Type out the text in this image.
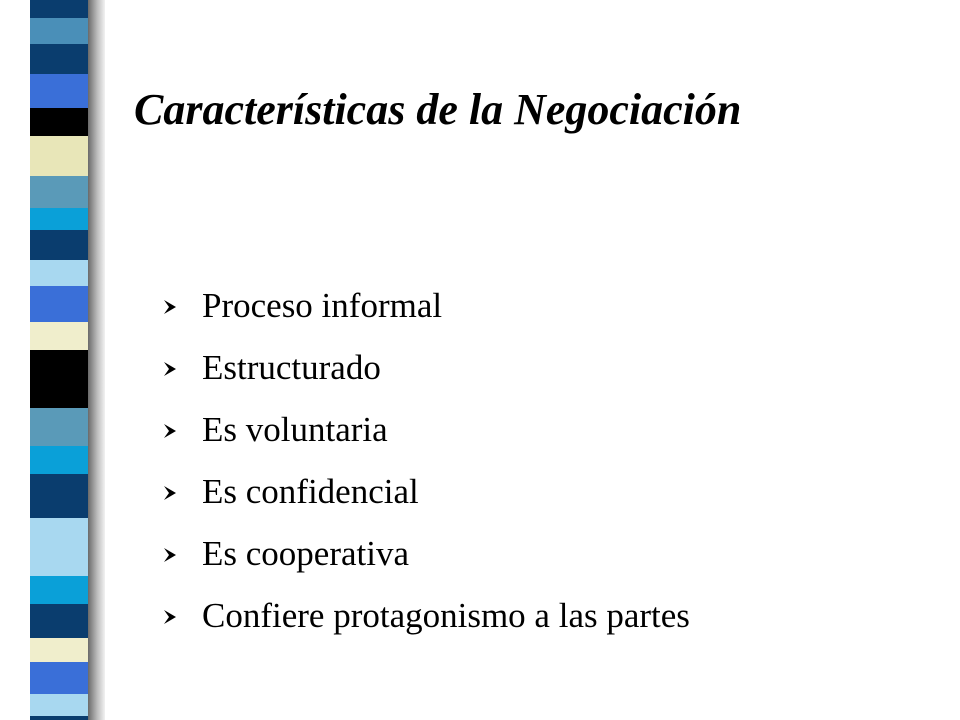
Características de la Negociación
Proceso informal
Estructurado
Es voluntaria
Es confidencial
Es cooperativa
Confiere protagonismo a las partes
